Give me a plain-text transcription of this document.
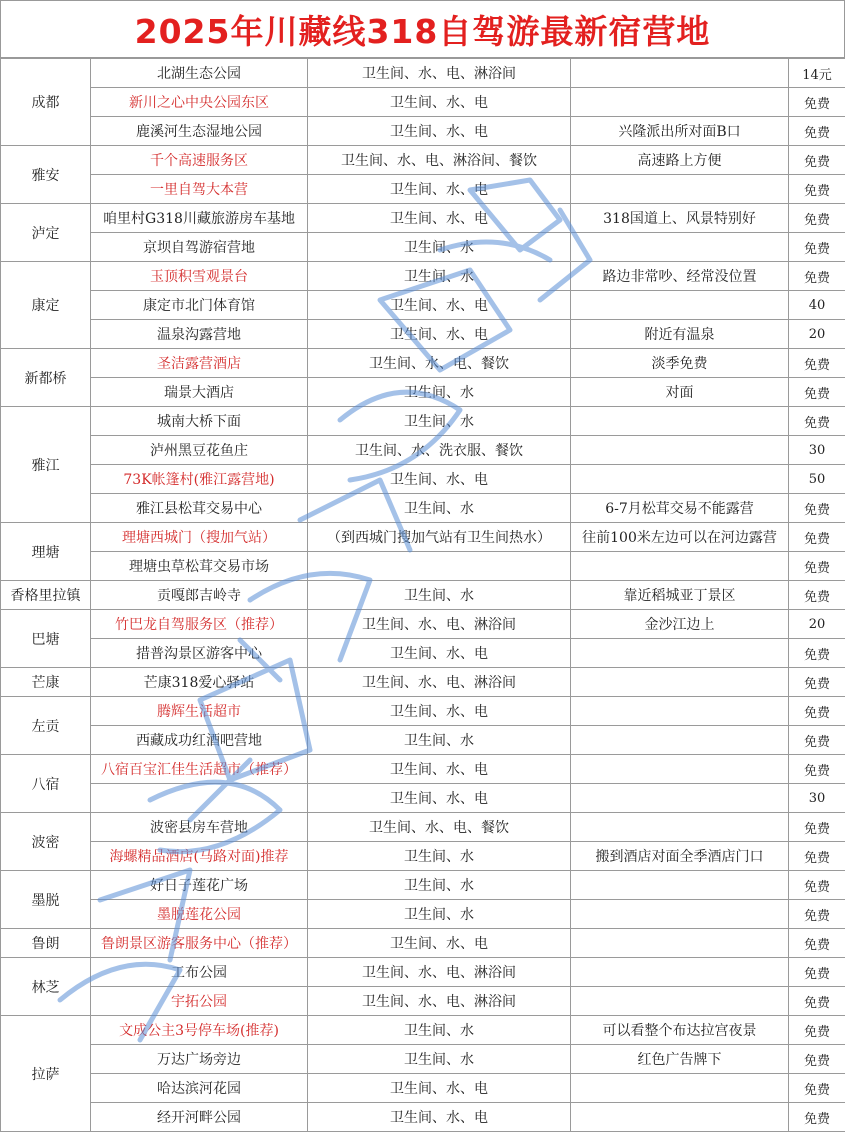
2025年川藏线318自驾游最新宿营地
成都	北湖生态公园	卫生间、水、电、淋浴间		14元
	新川之心中央公园东区	卫生间、水、电		免费
	鹿溪河生态湿地公园	卫生间、水、电	兴隆派出所对面B口	免费
雅安	千个高速服务区	卫生间、水、电、淋浴间、餐饮	高速路上方便	免费
	一里自驾大本营	卫生间、水、电		免费
泸定	咱里村G318川藏旅游房车基地	卫生间、水、电	318国道上、风景特别好	免费
	京坝自驾游宿营地	卫生间、水		免费
康定	玉顶积雪观景台	卫生间、水	路边非常吵、经常没位置	免费
	康定市北门体育馆	卫生间、水、电		40
	温泉沟露营地	卫生间、水、电	附近有温泉	20
新都桥	圣洁露营酒店	卫生间、水、电、餐饮	淡季免费	免费
	瑞景大酒店	卫生间、水	对面	免费
雅江	城南大桥下面	卫生间、水		免费
	泸州黑豆花鱼庄	卫生间、水、洗衣服、餐饮		30
	73K帐篷村(雅江露营地)	卫生间、水、电		50
	雅江县松茸交易中心	卫生间、水	6-7月松茸交易不能露营	免费
理塘	理塘西城门（搜加气站）	（到西城门搜加气站有卫生间热水）	往前100米左边可以在河边露营	免费
	理塘虫草松茸交易市场			免费
香格里拉镇	贡嘎郎吉岭寺	卫生间、水	靠近稻城亚丁景区	免费
巴塘	竹巴龙自驾服务区（推荐）	卫生间、水、电、淋浴间	金沙江边上	20
	措普沟景区游客中心	卫生间、水、电		免费
芒康	芒康318爱心驿站	卫生间、水、电、淋浴间		免费
左贡	腾辉生活超市	卫生间、水、电		免费
	西藏成功红酒吧营地	卫生间、水		免费
八宿	八宿百宝汇佳生活超市（推荐）	卫生间、水、电		免费
		卫生间、水、电		30
波密	波密县房车营地	卫生间、水、电、餐饮		免费
	海螺精品酒店(马路对面)推荐	卫生间、水	搬到酒店对面全季酒店门口	免费
墨脱	好日子莲花广场	卫生间、水		免费
	墨脱莲花公园	卫生间、水		免费
鲁朗	鲁朗景区游客服务中心（推荐）	卫生间、水、电		免费
林芝	工布公园	卫生间、水、电、淋浴间		免费
	宇拓公园	卫生间、水、电、淋浴间		免费
拉萨	文成公主3号停车场(推荐)	卫生间、水	可以看整个布达拉宫夜景	免费
	万达广场旁边	卫生间、水	红色广告牌下	免费
	哈达滨河花园	卫生间、水、电		免费
	经开河畔公园	卫生间、水、电		免费
